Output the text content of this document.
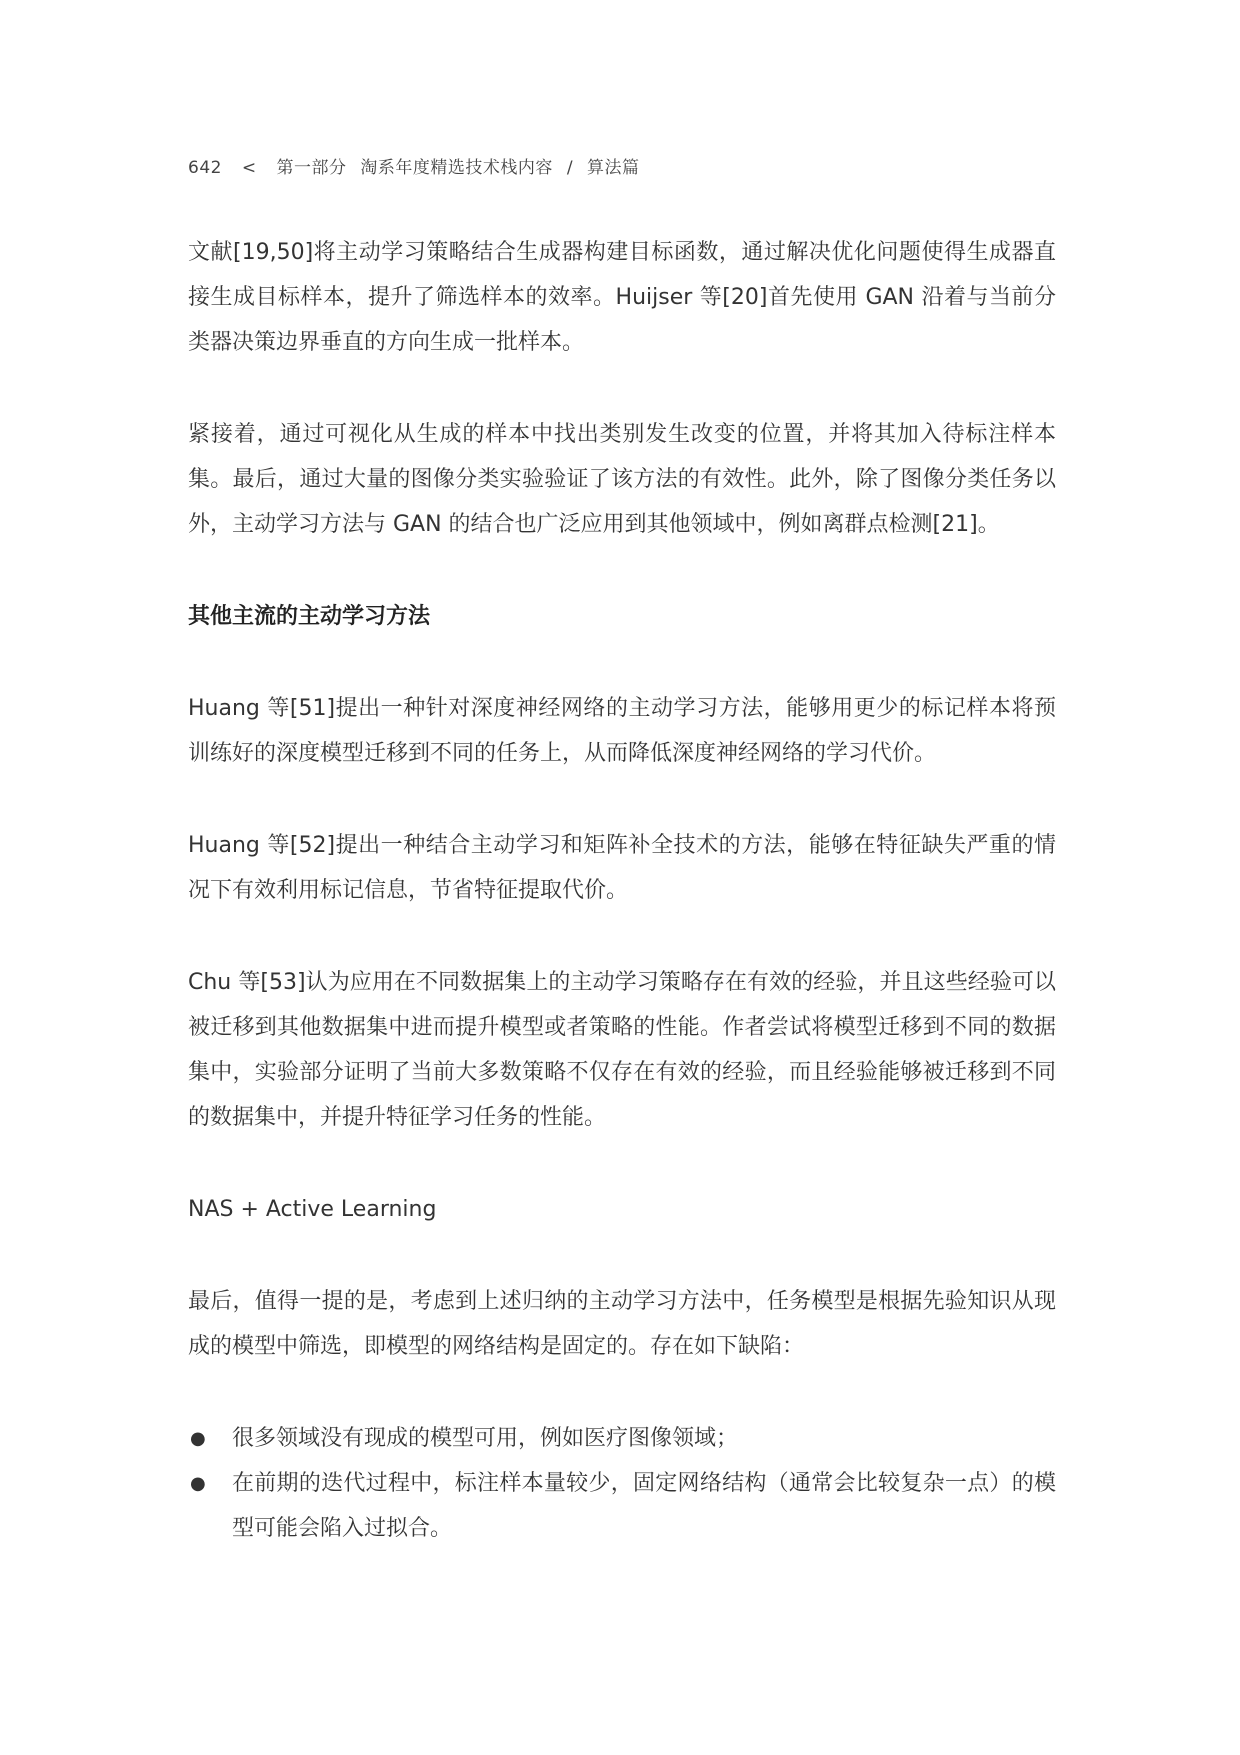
642 < 第一部分 淘系年度精选技术栈内容 / 算法篇

文献[19,50]将主动学习策略结合生成器构建目标函数，通过解决优化问题使得生成器直接生成目标样本，提升了筛选样本的效率。Huijser 等[20]首先使用 GAN 沿着与当前分类器决策边界垂直的方向生成一批样本。

紧接着，通过可视化从生成的样本中找出类别发生改变的位置，并将其加入待标注样本集。最后，通过大量的图像分类实验验证了该方法的有效性。此外，除了图像分类任务以外，主动学习方法与 GAN 的结合也广泛应用到其他领域中，例如离群点检测[21]。

其他主流的主动学习方法

Huang 等[51]提出一种针对深度神经网络的主动学习方法，能够用更少的标记样本将预训练好的深度模型迁移到不同的任务上，从而降低深度神经网络的学习代价。

Huang 等[52]提出一种结合主动学习和矩阵补全技术的方法，能够在特征缺失严重的情况下有效利用标记信息，节省特征提取代价。

Chu 等[53]认为应用在不同数据集上的主动学习策略存在有效的经验，并且这些经验可以被迁移到其他数据集中进而提升模型或者策略的性能。作者尝试将模型迁移到不同的数据集中，实验部分证明了当前大多数策略不仅存在有效的经验，而且经验能够被迁移到不同的数据集中，并提升特征学习任务的性能。

NAS + Active Learning

最后，值得一提的是，考虑到上述归纳的主动学习方法中，任务模型是根据先验知识从现成的模型中筛选，即模型的网络结构是固定的。存在如下缺陷：

● 很多领域没有现成的模型可用，例如医疗图像领域；
● 在前期的迭代过程中，标注样本量较少，固定网络结构（通常会比较复杂一点）的模型可能会陷入过拟合。
